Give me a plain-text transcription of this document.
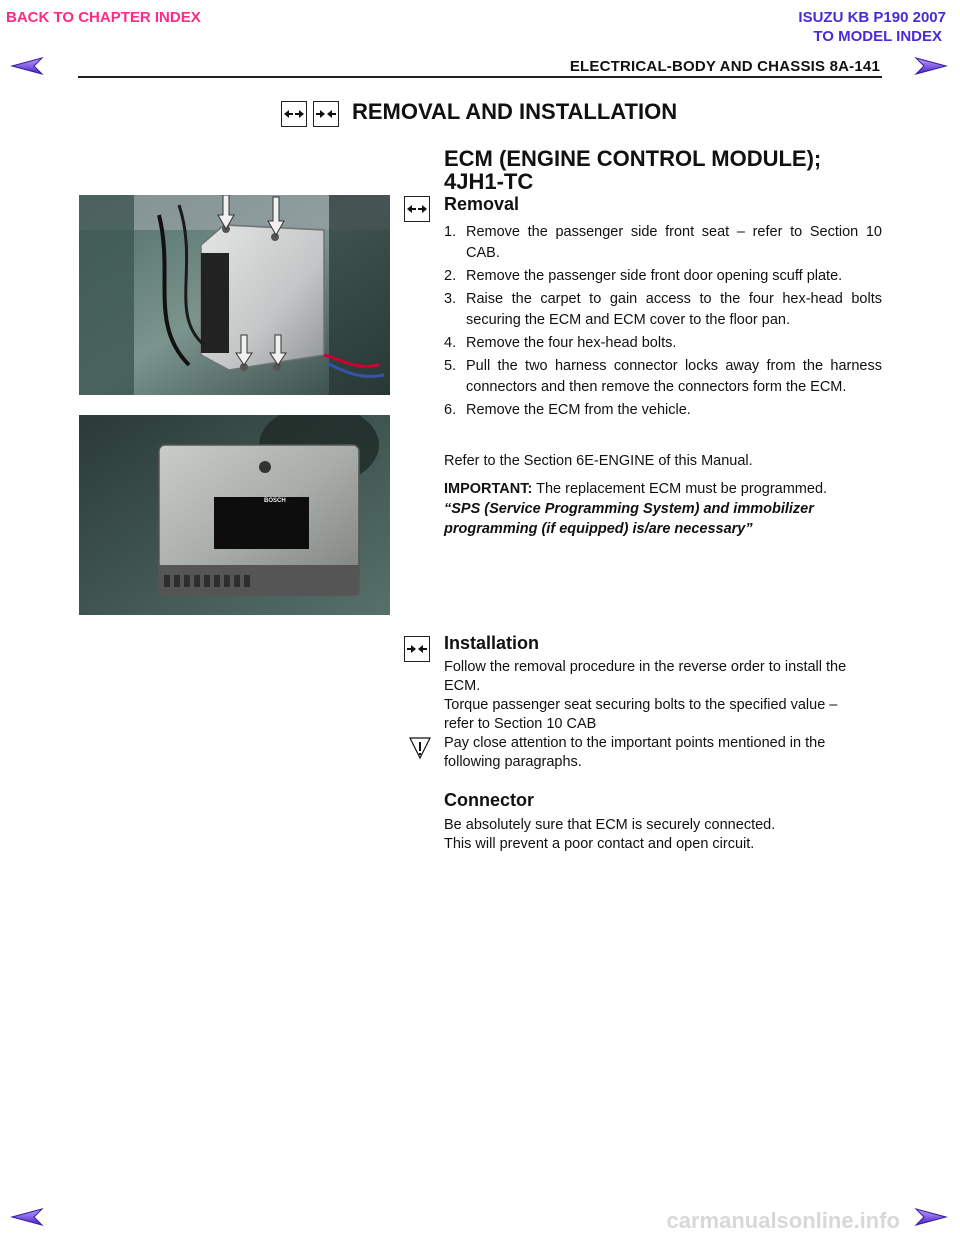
BACK TO CHAPTER INDEX	ISUZU KB P190 2007
TO MODEL INDEX
ELECTRICAL-BODY AND CHASSIS 8A-141
REMOVAL AND INSTALLATION
ECM (ENGINE CONTROL MODULE);
4JH1-TC
BOSCH
Removal
1. Remove the passenger side front seat – refer to Section 10 CAB.
2. Remove the passenger side front door opening scuff plate.
3. Raise the carpet to gain access to the four hex-head bolts securing the ECM and ECM cover to the floor pan.
4. Remove the four hex-head bolts.
5. Pull the two harness connector locks away from the harness connectors and then remove the connectors form the ECM.
6. Remove the ECM from the vehicle.
Refer to the Section 6E-ENGINE of this Manual.
IMPORTANT: The replacement ECM must be programmed.
“SPS (Service Programming System) and immobilizer
programming (if equipped) is/are necessary”
Installation
Follow the removal procedure in the reverse order to install the
ECM.
Torque passenger seat securing bolts to the specified value –
refer to Section 10 CAB
Pay close attention to the important points mentioned in the
following paragraphs.
Connector
Be absolutely sure that ECM is securely connected.
This will prevent a poor contact and open circuit.
carmanualsonline.info
